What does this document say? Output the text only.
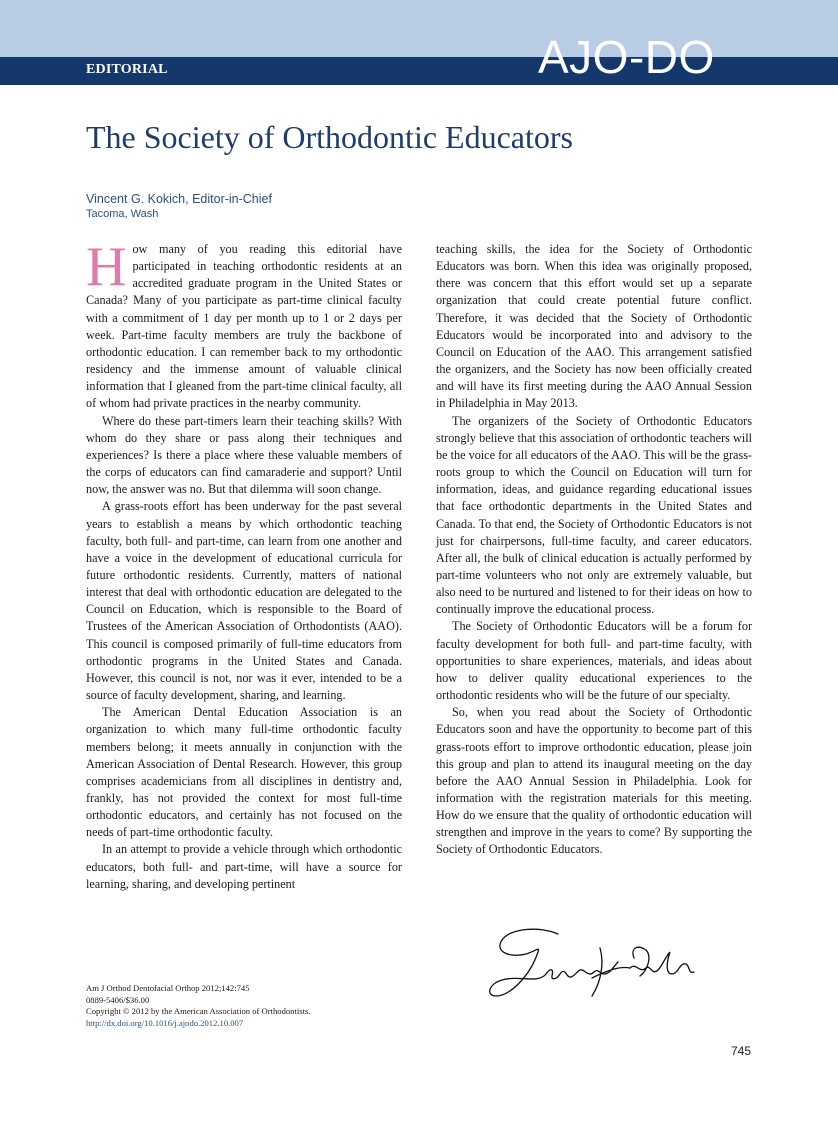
EDITORIAL	AJO-DO
The Society of Orthodontic Educators
Vincent G. Kokich, Editor-in-Chief
Tacoma, Wash

How many of you reading this editorial have participated in teaching orthodontic residents at an accredited graduate program in the United States or Canada? Many of you participate as part-time clinical faculty with a commitment of 1 day per month up to 1 or 2 days per week. Part-time faculty members are truly the backbone of orthodontic education. I can remember back to my orthodontic residency and the immense amount of valuable clinical information that I gleaned from the part-time clinical faculty, all of whom had private practices in the nearby community.

Where do these part-timers learn their teaching skills? With whom do they share or pass along their techniques and experiences? Is there a place where these valuable members of the corps of educators can find camaraderie and support? Until now, the answer was no. But that dilemma will soon change.

A grass-roots effort has been underway for the past several years to establish a means by which orthodontic teaching faculty, both full- and part-time, can learn from one another and have a voice in the development of educational curricula for future orthodontic residents. Currently, matters of national interest that deal with orthodontic education are delegated to the Council on Education, which is responsible to the Board of Trustees of the American Association of Orthodontists (AAO). This council is composed primarily of full-time educators from orthodontic programs in the United States and Canada. However, this council is not, nor was it ever, intended to be a source of faculty development, sharing, and learning.

The American Dental Education Association is an organization to which many full-time orthodontic faculty members belong; it meets annually in conjunction with the American Association of Dental Research. However, this group comprises academicians from all disciplines in dentistry and, frankly, has not provided the context for most full-time orthodontic educators, and certainly has not focused on the needs of part-time orthodontic faculty.

In an attempt to provide a vehicle through which orthodontic educators, both full- and part-time, will have a source for learning, sharing, and developing pertinent

teaching skills, the idea for the Society of Orthodontic Educators was born. When this idea was originally proposed, there was concern that this effort would set up a separate organization that could create potential future conflict. Therefore, it was decided that the Society of Orthodontic Educators would be incorporated into and advisory to the Council on Education of the AAO. This arrangement satisfied the organizers, and the Society has now been officially created and will have its first meeting during the AAO Annual Session in Philadelphia in May 2013.

The organizers of the Society of Orthodontic Educators strongly believe that this association of orthodontic teachers will be the voice for all educators of the AAO. This will be the grass-roots group to which the Council on Education will turn for information, ideas, and guidance regarding educational issues that face orthodontic departments in the United States and Canada. To that end, the Society of Orthodontic Educators is not just for chairpersons, full-time faculty, and career educators. After all, the bulk of clinical education is actually performed by part-time volunteers who not only are extremely valuable, but also need to be nurtured and listened to for their ideas on how to continually improve the educational process.

The Society of Orthodontic Educators will be a forum for faculty development for both full- and part-time faculty, with opportunities to share experiences, materials, and ideas about how to deliver quality educational experiences to the orthodontic residents who will be the future of our specialty.

So, when you read about the Society of Orthodontic Educators soon and have the opportunity to become part of this grass-roots effort to improve orthodontic education, please join this group and plan to attend its inaugural meeting on the day before the AAO Annual Session in Philadelphia. Look for information with the registration materials for this meeting. How do we ensure that the quality of orthodontic education will strengthen and improve in the years to come? By supporting the Society of Orthodontic Educators.

Am J Orthod Dentofacial Orthop 2012;142:745
0889-5406/$36.00
Copyright © 2012 by the American Association of Orthodontists.
http://dx.doi.org/10.1016/j.ajodo.2012.10.007
745
